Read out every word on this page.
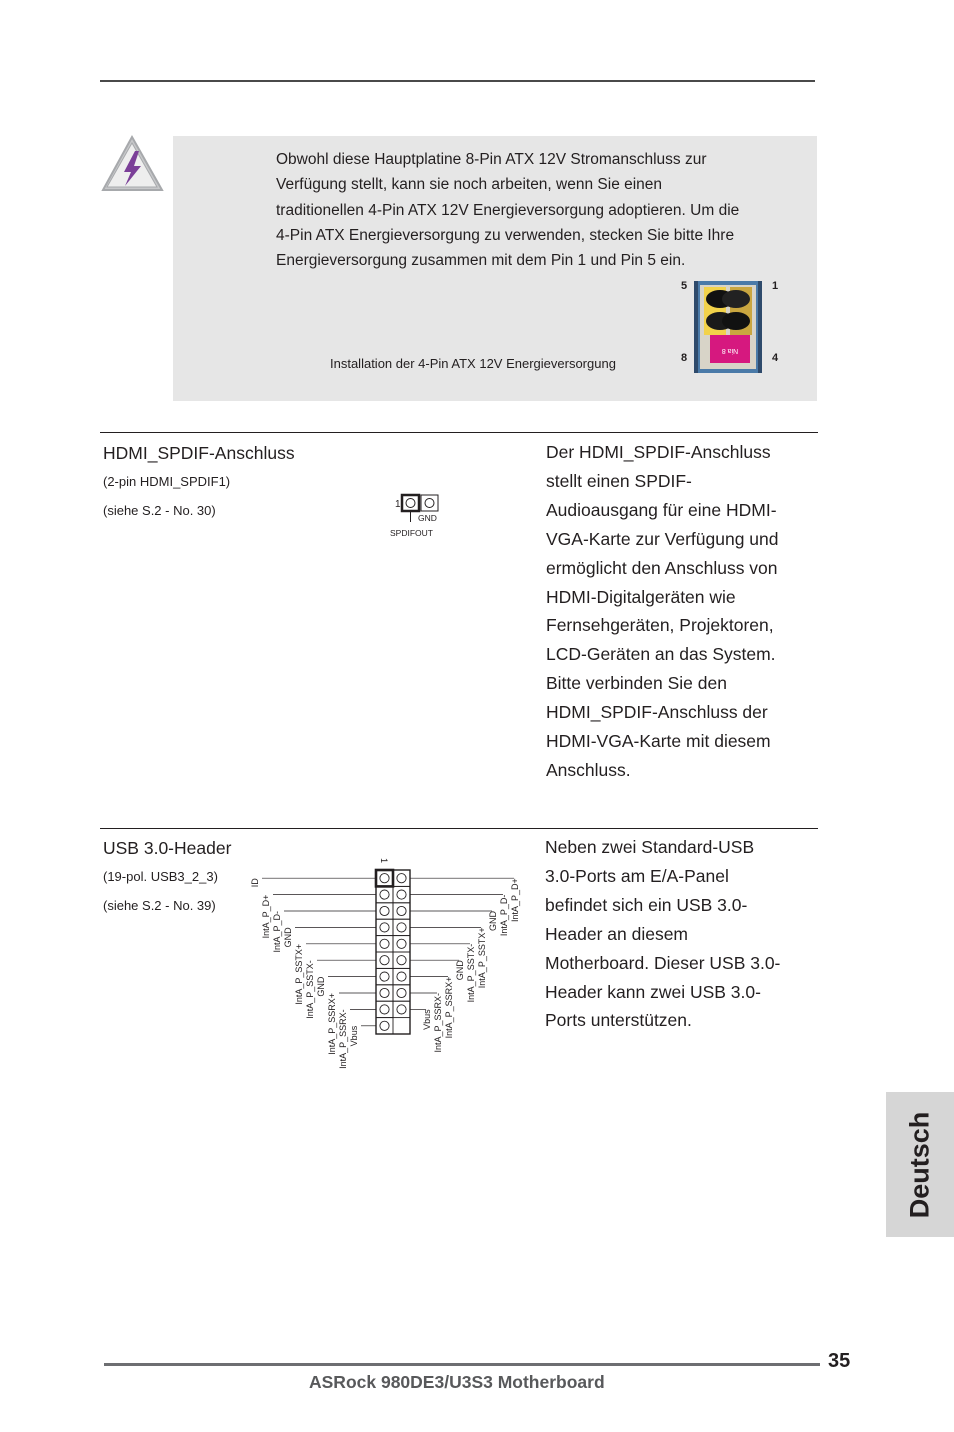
Obwohl diese Hauptplatine 8-Pin ATX 12V Stromanschluss zur
Verfügung stellt, kann sie noch arbeiten, wenn Sie einen
traditionellen 4-Pin ATX 12V Energieversorgung adoptieren. Um die
4-Pin ATX Energieversorgung zu verwenden, stecken Sie bitte Ihre
Energieversorgung zusammen mit dem Pin 1 und Pin 5 ein.
Installation der 4-Pin ATX 12V Energieversorgung
5	1
8	4
Nia 8
HDMI_SPDIF-Anschluss
(2-pin HDMI_SPDIF1)
(siehe S.2 - No. 30)	1
GND
SPDIFOUT
Der HDMI_SPDIF-Anschluss
stellt einen SPDIF-
Audioausgang für eine HDMI-
VGA-Karte zur Verfügung und
ermöglicht den Anschluss von
HDMI-Digitalgeräten wie
Fernsehgeräten, Projektoren,
LCD-Geräten an das System.
Bitte verbinden Sie den
HDMI_SPDIF-Anschluss der
HDMI-VGA-Karte mit diesem
Anschluss.
USB 3.0-Header
(19-pol. USB3_2_3)
(siehe S.2 - No. 39)
1
ID
IntA_P_D+ IntA_P_D- GND
IntA_P_SSTX+ IntA_P_SSTX- GND
IntA_P_SSRX+ IntA_P_SSRX- Vbus
IntA_P_D+
IntA_P_D-
GND
IntA_P_SSTX+
IntA_P_SSTX-
GND
IntA_P_SSRX+
IntA_P_SSRX-
Vbus
Neben zwei Standard-USB
3.0-Ports am E/A-Panel
befindet sich ein USB 3.0-
Header an diesem
Motherboard. Dieser USB 3.0-
Header kann zwei USB 3.0-
Ports unterstützen.
Deutsch
35
ASRock 980DE3/U3S3 Motherboard
